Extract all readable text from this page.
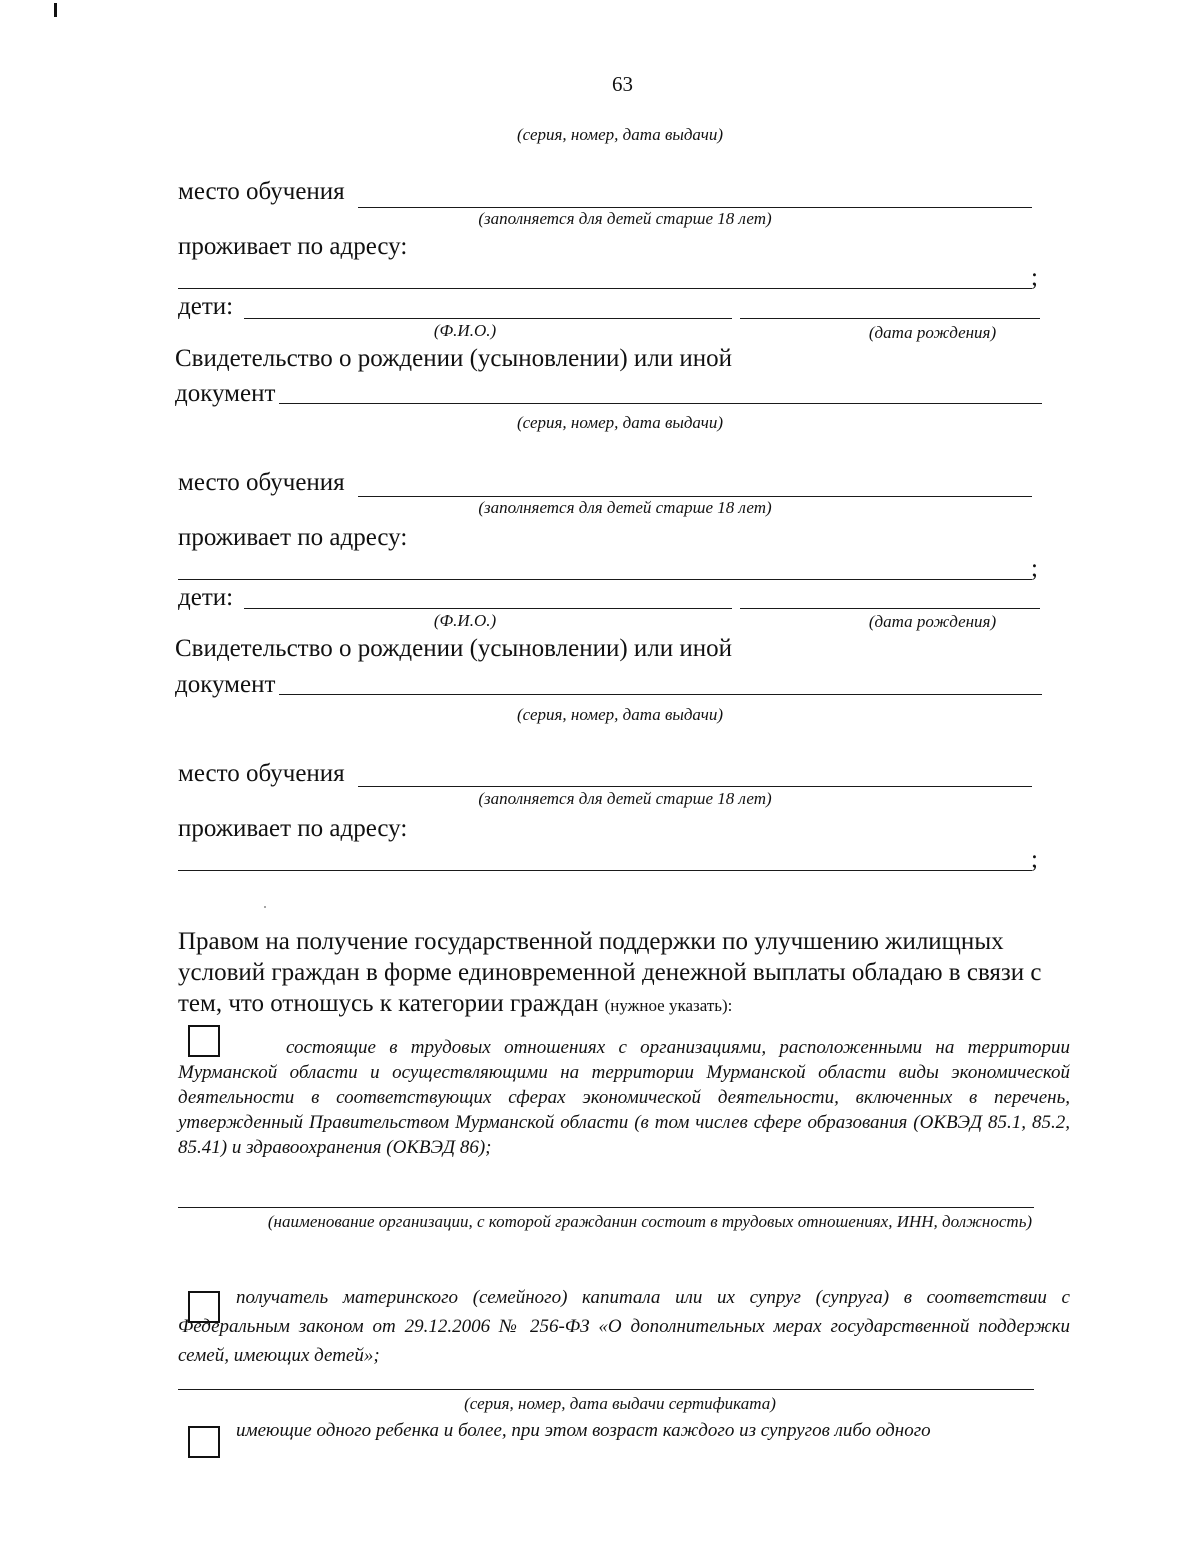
63
(серия, номер, дата выдачи)
место обучения
(заполняется для детей старше 18 лет)
проживает по адресу:
;
дети:
(Ф.И.О.)	(дата рождения)
Свидетельство о рождении (усыновлении) или иной
документ
(серия, номер, дата выдачи)
место обучения
(заполняется для детей старше 18 лет)
проживает по адресу:
;
дети:
(Ф.И.О.)	(дата рождения)
Свидетельство о рождении (усыновлении) или иной
документ
(серия, номер, дата выдачи)
место обучения
(заполняется для детей старше 18 лет)
проживает по адресу:
;
Правом на получение государственной поддержки по улучшению жилищных условий граждан в форме единовременной денежной выплаты обладаю в связи с тем, что отношусь к категории граждан (нужное указать):
состоящие в трудовых отношениях с организациями, расположенными на территории Мурманской области и осуществляющими на территории Мурманской области виды экономической деятельности в соответствующих сферах экономической деятельности, включенных в перечень, утвержденный Правительством Мурманской области (в том числев сфере образования (ОКВЭД 85.1, 85.2, 85.41) и здравоохранения (ОКВЭД 86);
(наименование организации, с которой гражданин состоит в трудовых отношениях, ИНН, должность)
получатель материнского (семейного) капитала или их супруг (супруга) в соответствии с Федеральным законом от 29.12.2006 № 256-ФЗ «О дополнительных мерах государственной поддержки семей, имеющих детей»;
(серия, номер, дата выдачи сертификата)
имеющие одного ребенка и более, при этом возраст каждого из супругов либо одного
